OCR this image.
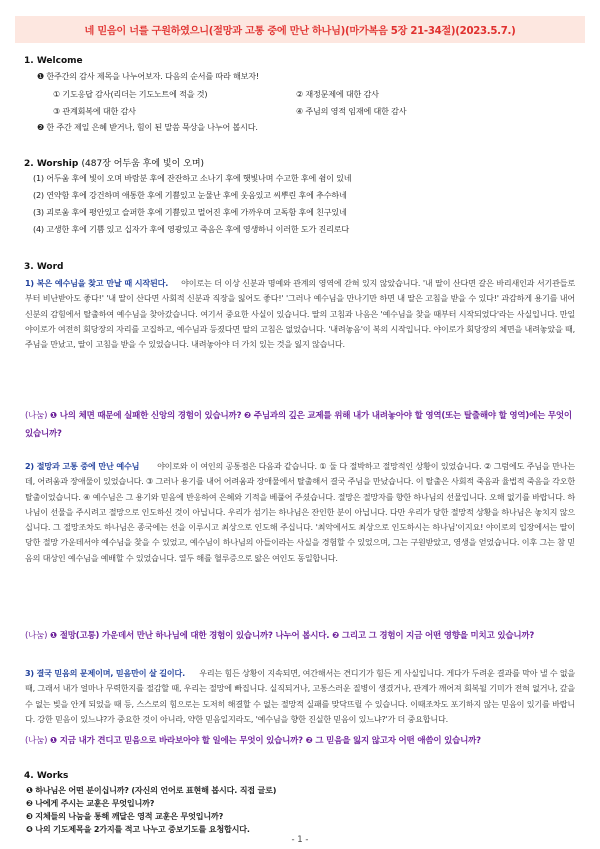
네 믿음이 너를 구원하였으니(절망과 고통 중에 만난 하나님)(마가복음 5장 21-34절)(2023.5.7.)
1. Welcome
❶ 한주간의 감사 제목을 나누어보자. 다음의 순서를 따라 해보자!
① 기도응답 감사(리더는 기도노트에 적을 것)	② 재정문제에 대한 감사
③ 관계회복에 대한 감사	④ 주님의 영적 임재에 대한 감사
❷ 한 주간 제일 은혜 받거나, 힘이 된 말씀 묵상을 나누어 봅시다.
2. Worship (487장 어두움 후에 빛이 오며)
(1) 어두움 후에 빛이 오며 바람분 후에 잔잔하고 소나기 후에 햇빛나며 수고한 후에 쉼이 있네
(2) 연약함 후에 강건하며 애통한 후에 기쁨있고 눈물난 후에 웃음있고 씨뿌린 후에 추수하네
(3) 괴로움 후에 평안있고 슬퍼한 후에 기쁨있고 멀어진 후에 가까우며 고독함 후에 친구있네
(4) 고생한 후에 기쁨 있고 십자가 후에 영광있고 죽음은 후에 영생하니 이러한 도가 진리로다
3. Word
1) 복은 예수님을 찾고 만날 때 시작된다. 야이로는 더 이상 신분과 명예와 관계의 영역에 갇혀 있지 않았습니다. '내 딸이 산다면 갈은 바리새인과 서기관들로부터 비난받아도 좋다!' '내 딸이 산다면 사회적 신분과 직장을 잃어도 좋다!' '그러나 예수님을 만나기만 하면 내 딸은 고침을 받을 수 있다!' 과감하게 용기를 내어 신분의 감힘에서 탈출하여 예수님을 찾아갔습니다. 여기서 중요한 사실이 있습니다. 딸의 고침과 나음은 '예수님을 찾을 때부터 시작되었다'라는 사실입니다. 만일 야이로가 여전히 회당장의 자리를 고집하고, 예수님과 등졌다면 딸의 고침은 없었습니다. '내려놓음'이 복의 시작입니다. 야이로가 회당장의 체면을 내려놓았을 때, 주님을 만났고, 딸이 고침을 받을 수 있었습니다. 내려놓아야 더 가치 있는 것을 잃지 않습니다.
(나눔) ❶ 나의 체면 때문에 실패한 신앙의 경험이 있습니까? ❷ 주님과의 깊은 교제를 위해 내가 내려놓아야 할 영역(또는 탈출해야 할 영역)에는 무엇이 있습니까?
2) 절망과 고통 중에 만난 예수님 야이로와 이 여인의 공통점은 다음과 같습니다. ① 둘 다 절박하고 절망적인 상황이 있었습니다. ② 그럼에도 주님을 만나는데, 어려움과 장애물이 있었습니다. ③ 그러나 용기를 내어 어려움과 장애물에서 탈출해서 결국 주님을 만났습니다. 이 탈출은 사회적 죽음과 율법적 죽음을 각오한 탈출이었습니다. ④ 예수님은 그 용기와 믿음에 반응하여 은혜와 기적을 베풀어 주셨습니다. 절망은 절망자를 향한 하나님의 선물입니다. 오해 없기를 바랍니다. 하나님이 선물을 주시려고 절망으로 인도하신 것이 아닙니다. 우리가 섬기는 하나님은 잔인한 분이 아닙니다. 다만 우리가 당한 절망적 상황을 하나님은 놓치지 않으십니다. 그 절망조차도 하나님은 종국에는 선을 이루시고 최상으로 인도해 주십니다. '최악에서도 최상으로 인도하시는 하나님'이지요! 야이로의 입장에서는 딸이 당한 절망 가운데서야 예수님을 찾을 수 있었고, 예수님이 하나님의 아들이라는 사실을 경험할 수 있었으며, 그는 구원받았고, 영생을 얻었습니다. 이후 그는 참 믿음의 대상인 예수님을 예배할 수 있었습니다. 열두 해를 혈루증으로 앓은 여인도 동일합니다.
(나눔) ❶ 절망(고통) 가운데서 만난 하나님에 대한 경험이 있습니까? 나누어 봅시다. ❷ 그리고 그 경험이 지금 어떤 영향을 미치고 있습니까?
3) 결국 믿음의 문제이며, 믿음만이 살 길이다. 우리는 힘든 상황이 지속되면, 여간해서는 견디기가 힘든 게 사실입니다. 게다가 두려운 결과를 막아 낼 수 없을 때, 그래서 내가 얼마나 무력한지를 절감할 때, 우리는 절망에 빠집니다. 실직되거나, 고통스러운 질병이 생겼거나, 관계가 깨어져 회복될 기미가 전혀 없거나, 갚을 수 없는 빚을 안게 되었을 때 등, 스스로의 힘으로는 도저히 해결할 수 없는 절망적 실패를 맞닥뜨릴 수 있습니다. 이때조차도 포기하지 않는 믿음이 있기를 바랍니다. 강한 믿음이 있느냐?가 중요한 것이 아니라, 약한 믿음일지라도, '예수님을 향한 진실한 믿음이 있느냐?'가 더 중요합니다.
(나눔) ❶ 지금 내가 견디고 믿음으로 바라보아야 할 일에는 무엇이 있습니까? ❷ 그 믿음을 잃지 않고자 어떤 애씀이 있습니까?
4. Works
❶ 하나님은 어떤 분이십니까? (자신의 언어로 표현해 봅시다. 직접 글로)
❷ 나에게 주시는 교훈은 무엇입니까?
❸ 지체들의 나눔을 통해 깨달은 영적 교훈은 무엇입니까?
❹ 나의 기도제목을 2가지를 적고 나누고 중보기도를 요청합시다.
- 1 -
